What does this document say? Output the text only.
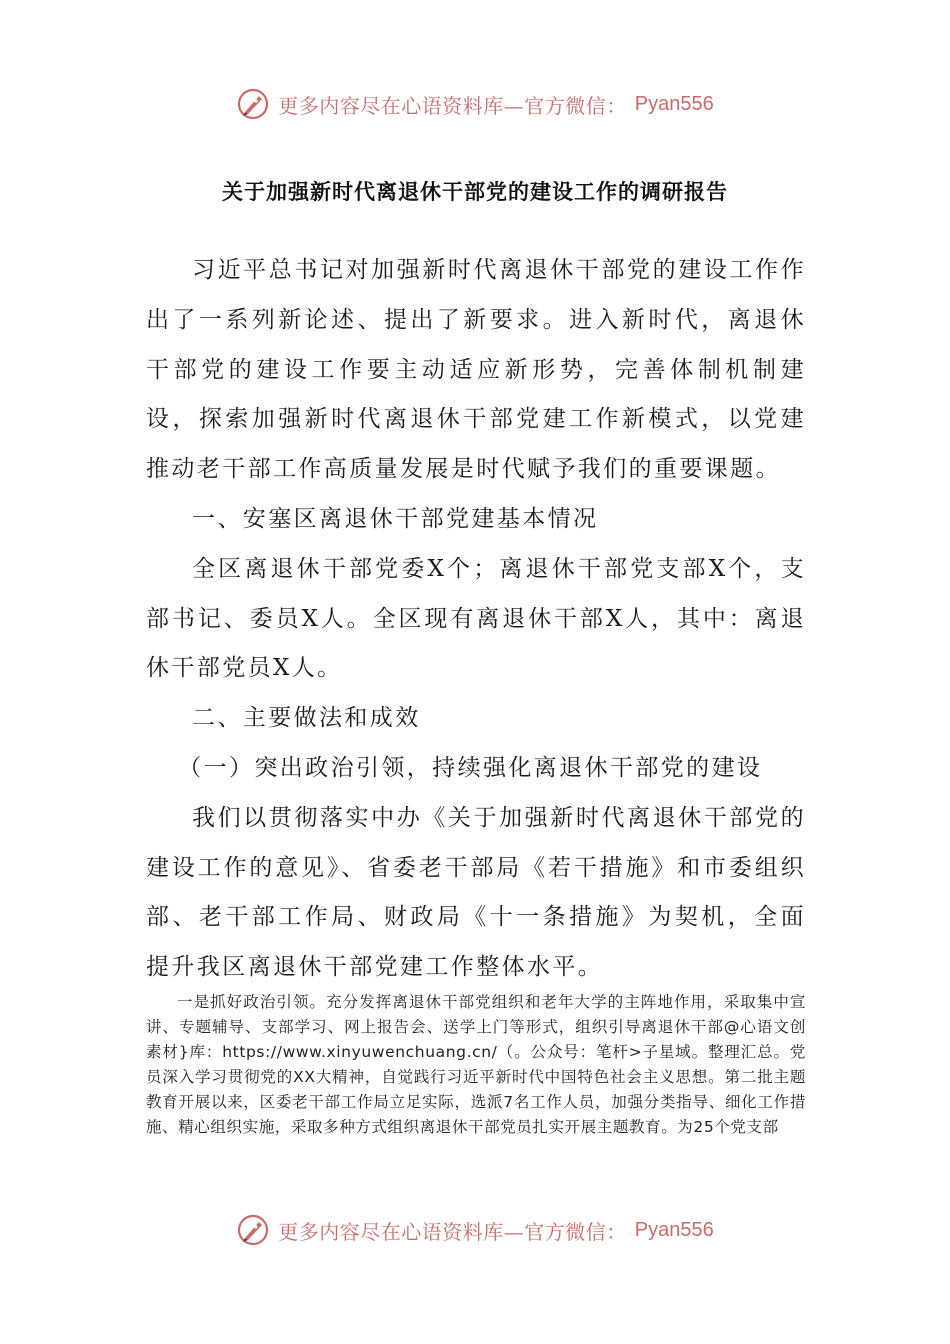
更多内容尽在心语资料库—官方微信： Pyan556
关于加强新时代离退休干部党的建设工作的调研报告

习近平总书记对加强新时代离退休干部党的建设工作作出了一系列新论述、提出了新要求。进入新时代，离退休干部党的建设工作要主动适应新形势，完善体制机制建设，探索加强新时代离退休干部党建工作新模式，以党建推动老干部工作高质量发展是时代赋予我们的重要课题。

一、安塞区离退休干部党建基本情况

全区离退休干部党委X个；离退休干部党支部X个，支部书记、委员X人。全区现有离退休干部X人，其中：离退休干部党员X人。

二、主要做法和成效

（一）突出政治引领，持续强化离退休干部党的建设

我们以贯彻落实中办《关于加强新时代离退休干部党的建设工作的意见》、省委老干部局《若干措施》和市委组织部、老干部工作局、财政局《十一条措施》为契机，全面提升我区离退休干部党建工作整体水平。

一是抓好政治引领。充分发挥离退休干部党组织和老年大学的主阵地作用，采取集中宣讲、专题辅导、支部学习、网上报告会、送学上门等形式，组织引导离退休干部@心语文创素材}库：https://www.xinyuwenchuang.cn/（。公众号：笔杆>子星域。整理汇总。党员深入学习贯彻党的XX大精神，自觉践行习近平新时代中国特色社会主义思想。第二批主题教育开展以来，区委老干部工作局立足实际，选派7名工作人员，加强分类指导、细化工作措施、精心组织实施，采取多种方式组织离退休干部党员扎实开展主题教育。为25个党支部

更多内容尽在心语资料库—官方微信： Pyan556
